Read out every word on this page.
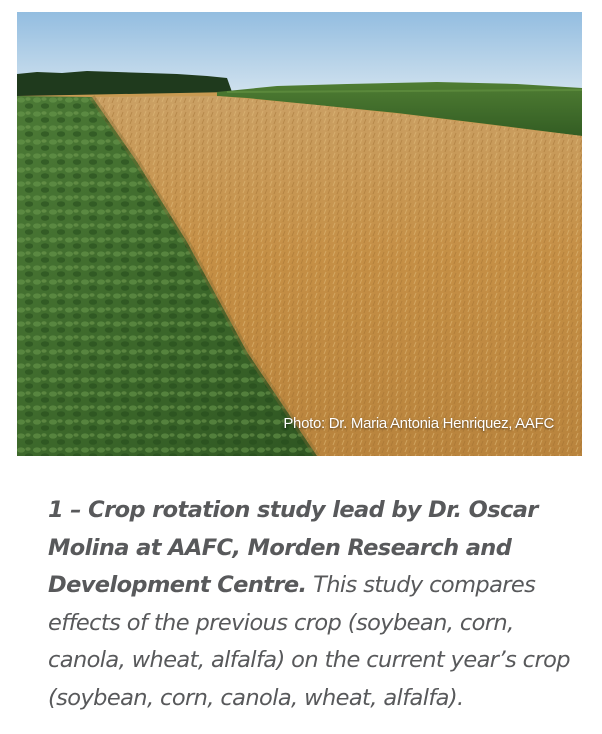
Photo: Dr. Maria Antonia Henriquez, AAFC

1 – Crop rotation study lead by Dr. Oscar Molina at AAFC, Morden Research and Development Centre. This study compares effects of the previous crop (soybean, corn, canola, wheat, alfalfa) on the current year’s crop (soybean, corn, canola, wheat, alfalfa).
